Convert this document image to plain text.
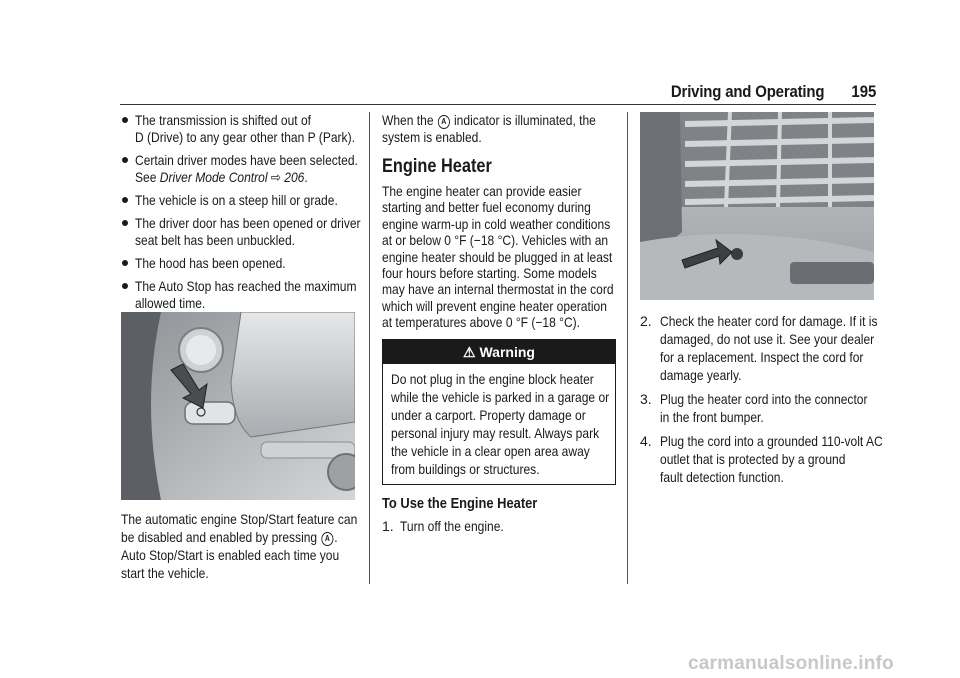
Driving and Operating 195
The transmission is shifted out of
D (Drive) to any gear other than P (Park).
Certain driver modes have been selected.
See Driver Mode Control ⇨ 206.
The vehicle is on a steep hill or grade.
The driver door has been opened or driver
seat belt has been unbuckled.
The hood has been opened.
The Auto Stop has reached the maximum
allowed time.

The automatic engine Stop/Start feature can
be disabled and enabled by pressing A .
Auto Stop/Start is enabled each time you
start the vehicle.

When the A indicator is illuminated, the
system is enabled.

Engine Heater

The engine heater can provide easier
starting and better fuel economy during
engine warm-up in cold weather conditions
at or below 0 °F (−18 °C). Vehicles with an
engine heater should be plugged in at least
four hours before starting. Some models
may have an internal thermostat in the cord
which will prevent engine heater operation
at temperatures above 0 °F (−18 °C).

⚠ Warning
Do not plug in the engine block heater
while the vehicle is parked in a garage or
under a carport. Property damage or
personal injury may result. Always park
the vehicle in a clear open area away
from buildings or structures.
To Use the Engine Heater
1. Turn off the engine.
2. Check the heater cord for damage. If it is
damaged, do not use it. See your dealer
for a replacement. Inspect the cord for
damage yearly.
3. Plug the heater cord into the connector
in the front bumper.
4. Plug the cord into a grounded 110-volt AC
outlet that is protected by a ground
fault detection function.
carmanualsonline.info
